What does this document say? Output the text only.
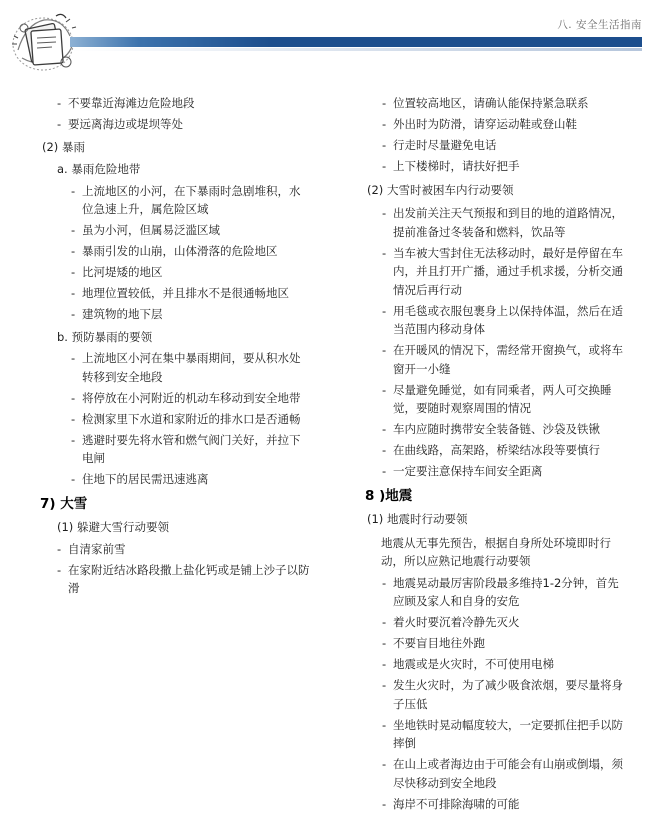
八. 安全生活指南
- 不要靠近海滩边危险地段
- 要远离海边或堤坝等处
(2) 暴雨
a. 暴雨危险地带
- 上流地区的小河，在下暴雨时急剧堆积，水位急速上升，属危险区域
- 虽为小河，但属易泛滥区域
- 暴雨引发的山崩，山体滑落的危险地区
- 比河堤矮的地区
- 地理位置较低，并且排水不是很通畅地区
- 建筑物的地下层
b. 预防暴雨的要领
- 上流地区小河在集中暴雨期间，要从积水处转移到安全地段
- 将停放在小河附近的机动车移动到安全地带
- 检测家里下水道和家附近的排水口是否通畅
- 逃避时要先将水管和燃气阀门关好，并拉下电闸
- 住地下的居民需迅速逃离
7) 大雪
(1) 躲避大雪行动要领
- 自清家前雪
- 在家附近结冰路段撒上盐化钙或是铺上沙子以防滑
- 位置较高地区，请确认能保持紧急联系
- 外出时为防滑，请穿运动鞋或登山鞋
- 行走时尽量避免电话
- 上下楼梯时，请扶好把手
(2) 大雪时被困车内行动要领
- 出发前关注天气预报和到目的地的道路情况，提前准备过冬装备和燃料，饮品等
- 当车被大雪封住无法移动时，最好是停留在车内，并且打开广播，通过手机求援，分析交通情况后再行动
- 用毛毯或衣服包裹身上以保持体温，然后在适当范围内移动身体
- 在开暖风的情况下，需经常开窗换气，或将车窗开一小缝
- 尽量避免睡觉，如有同乘者，两人可交换睡觉，要随时观察周围的情况
- 车内应随时携带安全装备链、沙袋及铁锹
- 在曲线路，高架路，桥梁结冰段等要慎行
- 一定要注意保持车间安全距离
8 )地震
(1) 地震时行动要领
地震从无事先预告，根据自身所处环境即时行动，所以应熟记地震行动要领
- 地震晃动最厉害阶段最多维持1-2分钟，首先应顾及家人和自身的安危
- 着火时要沉着冷静先灭火
- 不要盲目地往外跑
- 地震或是火灾时，不可使用电梯
- 发生火灾时，为了减少吸食浓烟，要尽量将身子压低
- 坐地铁时晃动幅度较大，一定要抓住把手以防摔倒
- 在山上或者海边由于可能会有山崩或倒塌，须尽快移动到安全地段
- 海岸不可排除海啸的可能
